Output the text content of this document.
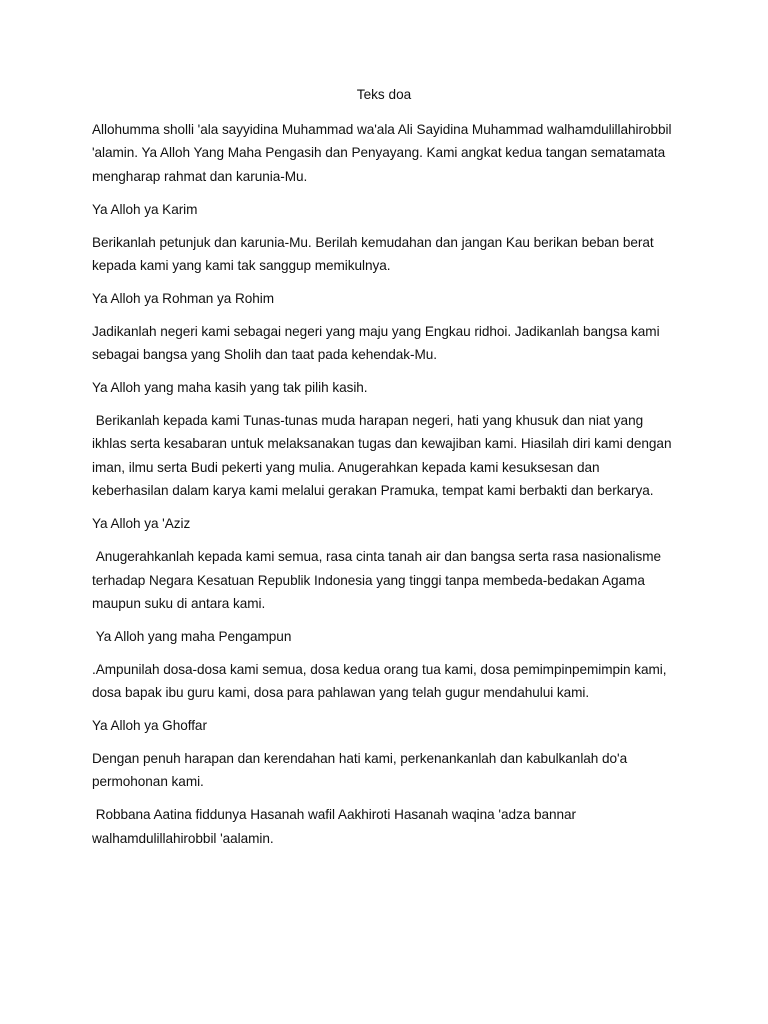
Teks doa

Allohumma sholli 'ala sayyidina Muhammad wa'ala Ali Sayidina Muhammad walhamdulillahirobbil 'alamin. Ya Alloh Yang Maha Pengasih dan Penyayang. Kami angkat kedua tangan sematamata mengharap rahmat dan karunia-Mu.

Ya Alloh ya Karim

Berikanlah petunjuk dan karunia-Mu. Berilah kemudahan dan jangan Kau berikan beban berat kepada kami yang kami tak sanggup memikulnya.

Ya Alloh ya Rohman ya Rohim

Jadikanlah negeri kami sebagai negeri yang maju yang Engkau ridhoi. Jadikanlah bangsa kami sebagai bangsa yang Sholih dan taat pada kehendak-Mu.

Ya Alloh yang maha kasih yang tak pilih kasih.

Berikanlah kepada kami Tunas-tunas muda harapan negeri, hati yang khusuk dan niat yang ikhlas serta kesabaran untuk melaksanakan tugas dan kewajiban kami. Hiasilah diri kami dengan iman, ilmu serta Budi pekerti yang mulia. Anugerahkan kepada kami kesuksesan dan keberhasilan dalam karya kami melalui gerakan Pramuka, tempat kami berbakti dan berkarya.

Ya Alloh ya 'Aziz

Anugerahkanlah kepada kami semua, rasa cinta tanah air dan bangsa serta rasa nasionalisme terhadap Negara Kesatuan Republik Indonesia yang tinggi tanpa membeda-bedakan Agama maupun suku di antara kami.

Ya Alloh yang maha Pengampun

.Ampunilah dosa-dosa kami semua, dosa kedua orang tua kami, dosa pemimpinpemimpin kami, dosa bapak ibu guru kami, dosa para pahlawan yang telah gugur mendahului kami.

Ya Alloh ya Ghoffar

Dengan penuh harapan dan kerendahan hati kami, perkenankanlah dan kabulkanlah do'a permohonan kami.

Robbana Aatina fiddunya Hasanah wafil Aakhiroti Hasanah waqina 'adza bannar walhamdulillahirobbil 'aalamin.
